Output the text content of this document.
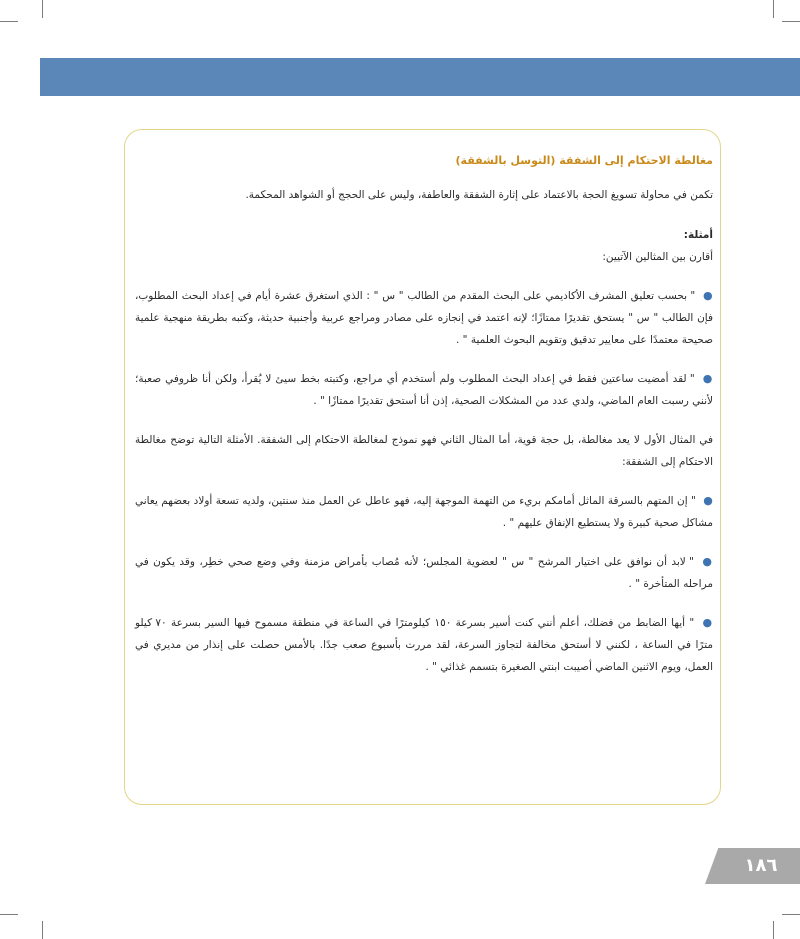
مغالطة الاحتكام إلى الشفقة (التوسل بالشفقة)

تكمن في محاولة تسويغ الحجة بالاعتماد على إثارة الشفقة والعاطفة، وليس على الحجج أو الشواهد المحكمة.

أمثلة:

أقارن بين المثالين الآتيين:

● " بحسب تعليق المشرف الأكاديمي على البحث المقدم من الطالب " س " : الذي استغرق عشرة أيام في إعداد البحث المطلوب، فإن الطالب " س " يستحق تقديرًا ممتازًا؛ لإنه اعتمد في إنجازه على مصادر ومراجع عربية وأجنبية حديثة، وكتبه بطريقة منهجية علمية صحيحة معتمدًا على معايير تدقيق وتقويم البحوث العلمية " .

● " لقد أمضيت ساعتين فقط في إعداد البحث المطلوب ولم أستخدم أي مراجع، وكتبته بخط سيئ لا يُقرأ، ولكن أنا ظروفي صعبة؛ لأنني رسبت العام الماضي، ولدي عدد من المشكلات الصحية، إذن أنا أستحق تقديرًا ممتازًا " .

في المثال الأول لا يعد مغالطة، بل حجة قوية، أما المثال الثاني فهو نموذج لمغالطة الاحتكام إلى الشفقة. الأمثلة التالية توضح مغالطة الاحتكام إلى الشفقة:

● " إن المتهم بالسرقة الماثل أمامكم بريء من التهمة الموجهة إليه، فهو عاطل عن العمل منذ سنتين، ولديه تسعة أولاد بعضهم يعاني مشاكل صحية كبيرة ولا يستطيع الإنفاق عليهم " .

● " لابد أن نوافق على اختيار المرشح " س " لعضوية المجلس؛ لأنه مُصاب بأمراض مزمنة وفي وضع صحي خطِر، وقد يكون في مراحله المتأخرة " .

● " أيها الضابط من فضلك، أعلم أنني كنت أسير بسرعة ١٥٠ كيلومترًا في الساعة في منطقة مسموح فيها السير بسرعة ٧٠ كيلو مترًا في الساعة ، لكنني لا أستحق مخالفة لتجاوز السرعة، لقد مررت بأسبوع صعب جدًا. بالأمس حصلت على إنذار من مديري في العمل، ويوم الاثنين الماضي أصيبت ابنتي الصغيرة بتسمم غذائي " .

١٨٦
